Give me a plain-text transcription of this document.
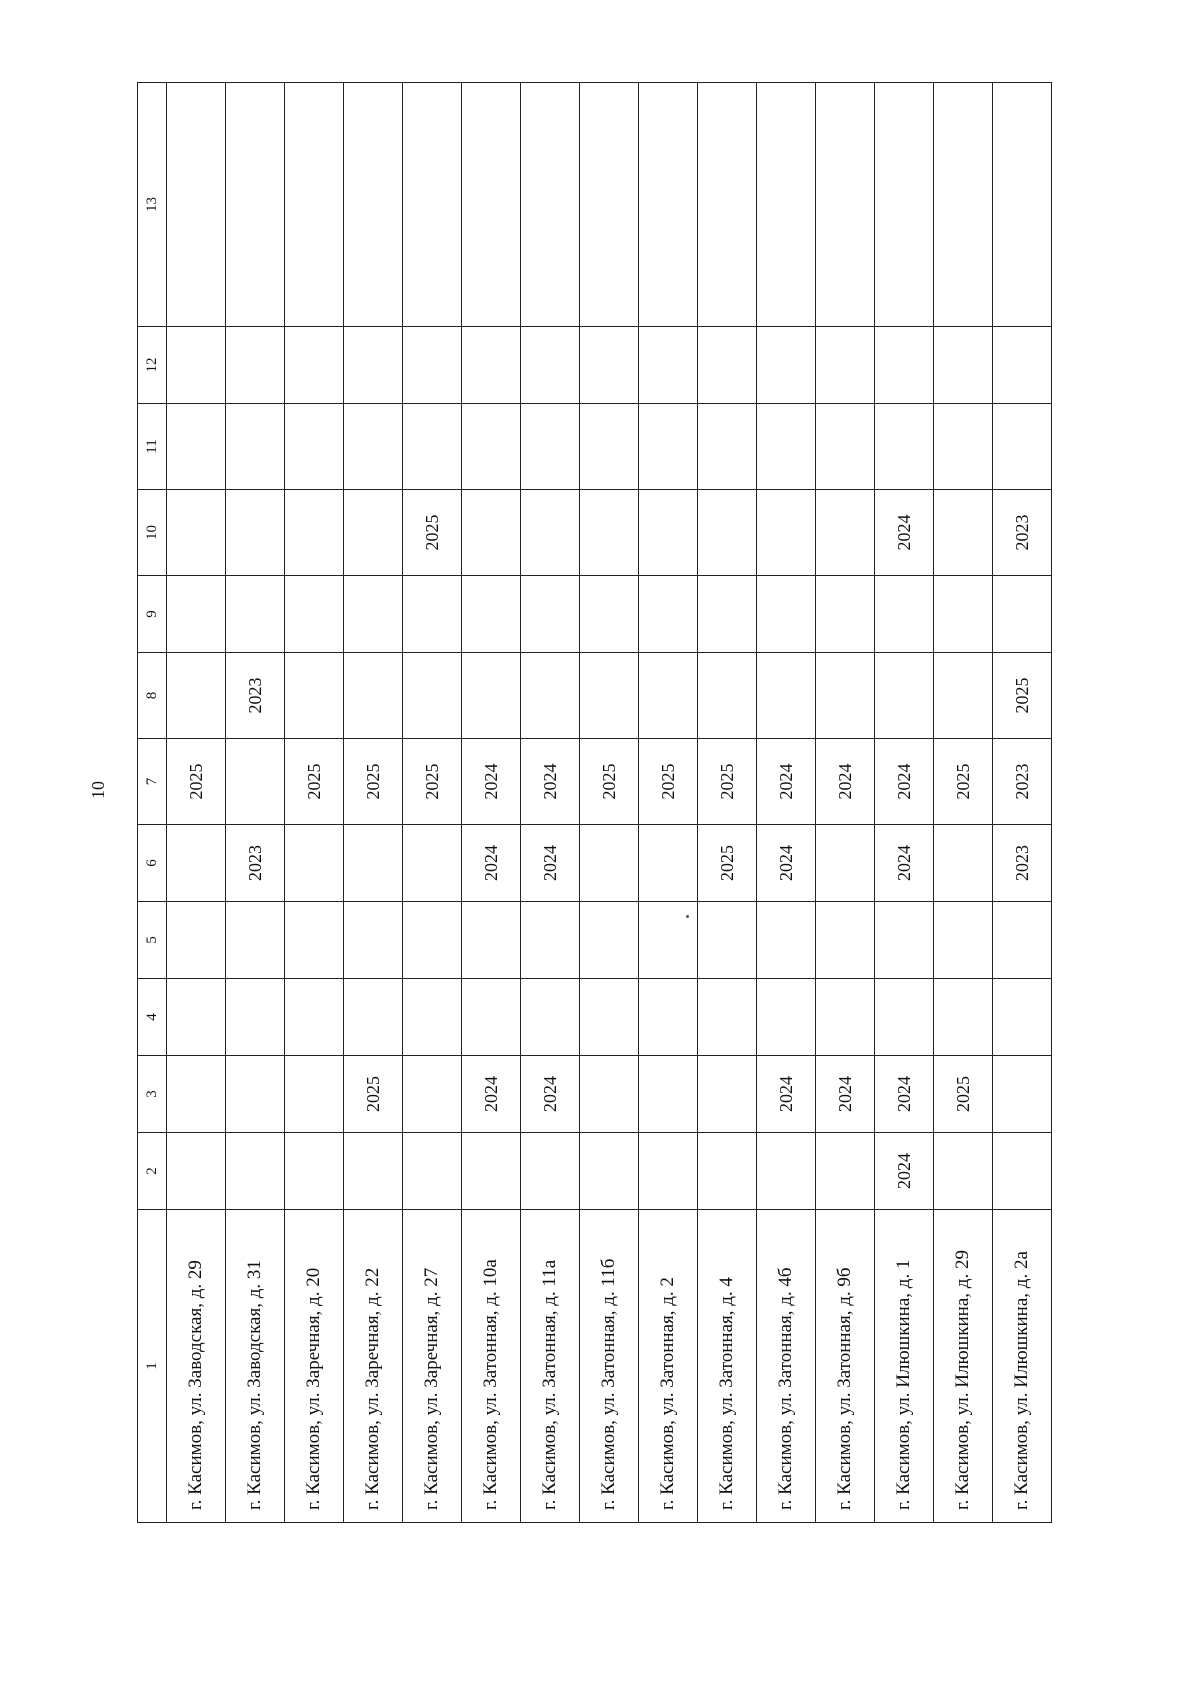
10
1	2	3	4	5	6	7	8	9	10	11	12	13
г. Касимов, ул. Заводская, д. 29						2025						
г. Касимов, ул. Заводская, д. 31					2023		2023					
г. Касимов, ул. Заречная, д. 20						2025						
г. Касимов, ул. Заречная, д. 22		2025				2025						
г. Касимов, ул. Заречная, д. 27						2025			2025			
г. Касимов, ул. Затонная, д. 10а		2024			2024	2024						
г. Касимов, ул. Затонная, д. 11а		2024			2024	2024						
г. Касимов, ул. Затонная, д. 11б						2025						
г. Касимов, ул. Затонная, д. 2						2025						
г. Касимов, ул. Затонная, д. 4					2025	2025						
г. Касимов, ул. Затонная, д. 4б		2024			2024	2024						
г. Касимов, ул. Затонная, д. 9б		2024				2024						
г. Касимов, ул. Илюшкина, д. 1	2024	2024			2024	2024			2024			
г. Касимов, ул. Илюшкина, д. 29		2025				2025						
г. Касимов, ул. Илюшкина, д. 2а					2023	2023	2025		2023			
